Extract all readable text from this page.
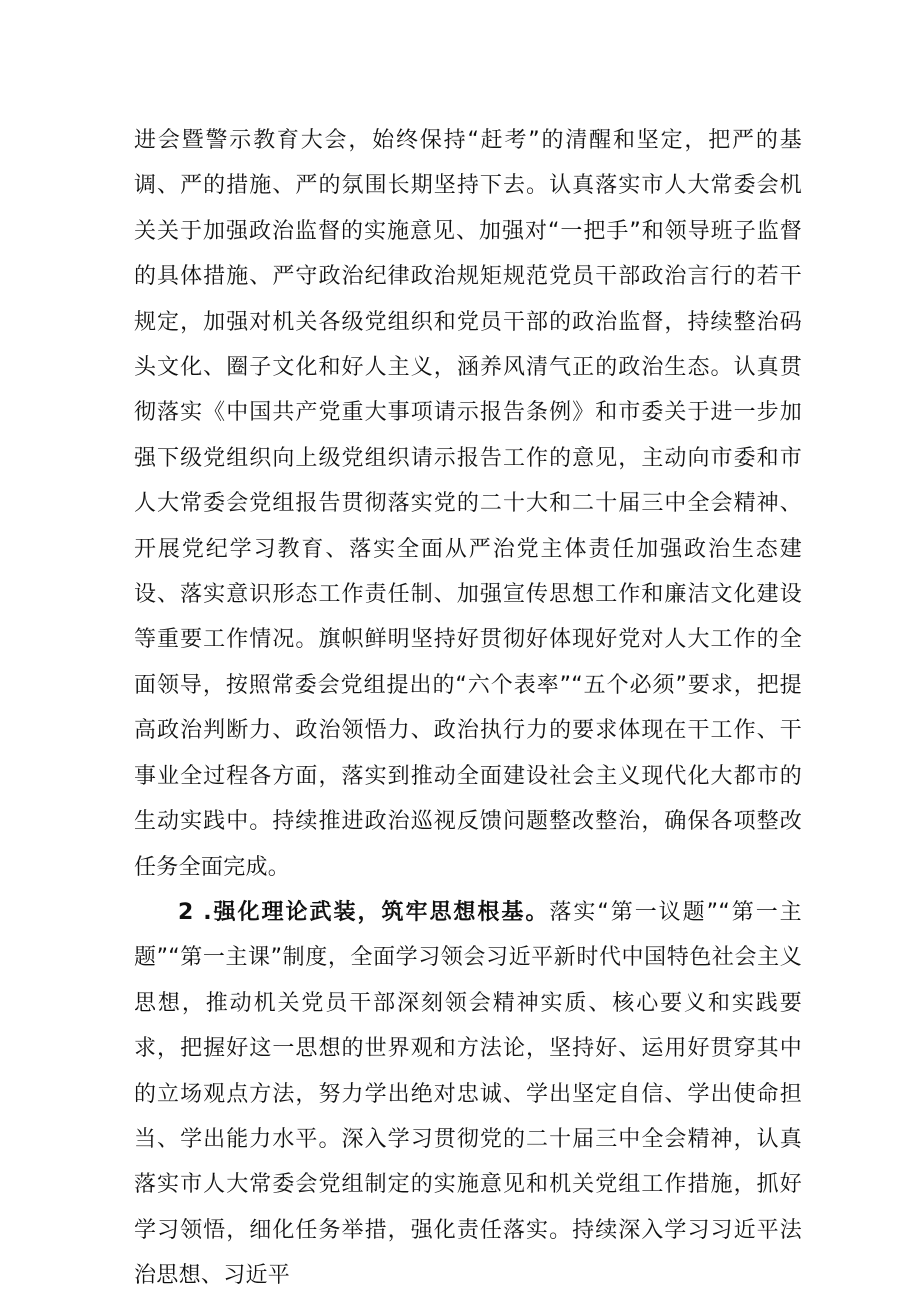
进会暨警示教育大会，始终保持“赶考”的清醒和坚定，把严的基调、严的措施、严的氛围长期坚持下去。认真落实市人大常委会机关关于加强政治监督的实施意见、加强对“一把手”和领导班子监督的具体措施、严守政治纪律政治规矩规范党员干部政治言行的若干规定，加强对机关各级党组织和党员干部的政治监督，持续整治码头文化、圈子文化和好人主义，涵养风清气正的政治生态。认真贯彻落实《中国共产党重大事项请示报告条例》和市委关于进一步加强下级党组织向上级党组织请示报告工作的意见，主动向市委和市人大常委会党组报告贯彻落实党的二十大和二十届三中全会精神、开展党纪学习教育、落实全面从严治党主体责任加强政治生态建设、落实意识形态工作责任制、加强宣传思想工作和廉洁文化建设等重要工作情况。旗帜鲜明坚持好贯彻好体现好党对人大工作的全面领导，按照常委会党组提出的“六个表率”“五个必须”要求，把提高政治判断力、政治领悟力、政治执行力的要求体现在干工作、干事业全过程各方面，落实到推动全面建设社会主义现代化大都市的生动实践中。持续推进政治巡视反馈问题整改整治，确保各项整改任务全面完成。

2 .强化理论武装，筑牢思想根基。落实“第一议题”“第一主题”“第一主课”制度，全面学习领会习近平新时代中国特色社会主义思想，推动机关党员干部深刻领会精神实质、核心要义和实践要求，把握好这一思想的世界观和方法论，坚持好、运用好贯穿其中的立场观点方法，努力学出绝对忠诚、学出坚定自信、学出使命担当、学出能力水平。深入学习贯彻党的二十届三中全会精神，认真落实市人大常委会党组制定的实施意见和机关党组工作措施，抓好学习领悟，细化任务举措，强化责任落实。持续深入学习习近平法治思想、习近平
